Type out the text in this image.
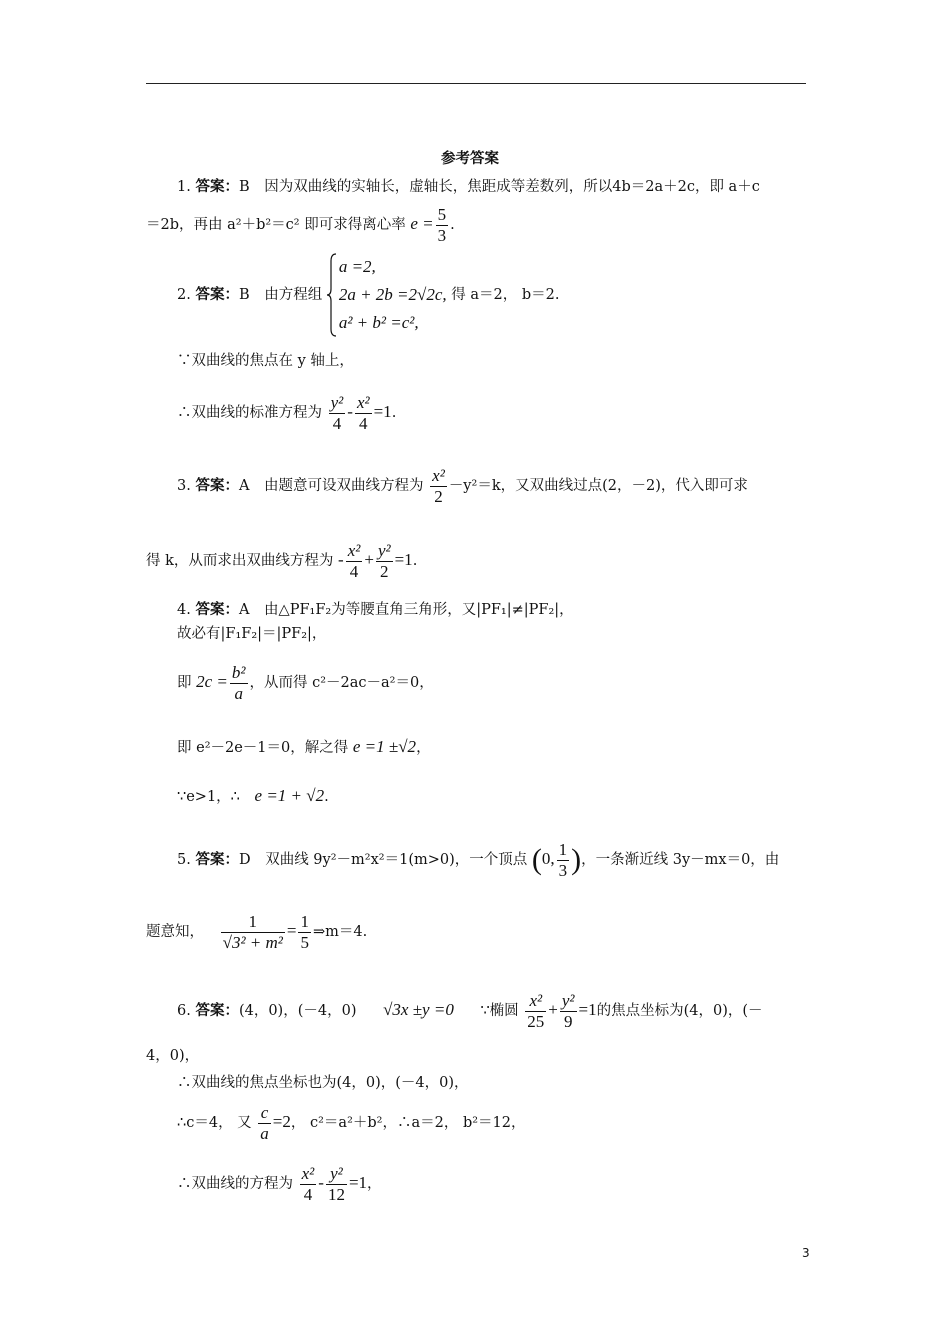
参考答案
1. 答案：B 因为双曲线的实轴长，虚轴长，焦距成等差数列，所以4b＝2a＋2c，即 a＋c
＝2b，再由 a²＋b²＝c² 即可求得离心率 $e = \frac{5}{3}$ .
2. 答案：B 由方程组
a =2,
2a + 2b =2√2c,
a² + b² =c²,
得 a＝2， b＝2.
∵双曲线的焦点在 y 轴上，
∴双曲线的标准方程为 $\frac{\text{y²}}{4} - \frac{\text{x²}}{4} =1$.
3. 答案：A 由题意可设双曲线方程为 $\frac{\text{x²}}{2} -y^2=k$，又双曲线过点(2，－2)，代入即可求
得 k，从而求出双曲线方程为 - $\frac{\text{x²}}{4} + \frac{\text{y²}}{2} =1$.
4. 答案：A 由△PF₁F₂为等腰直角三角形，又|PF₁|≠|PF₂|，
故必有|F₁F₂|＝|PF₂|，
即 $2c = \frac{\text{b²}}{a}$ ，从而得 c²－2ac－a²＝0，
即 e²－2e－1＝0，解之得 e =1 ±√2，
∵e>1，∴ e =1 + √2.
5. 答案：D 双曲线 9y²－m²x²＝1(m>0)，一个顶点 (0, $\frac{1}{3}$ )，一条渐近线 3y－mx＝0，由
题意知， $\frac{1}{\text{√3² + m²}} = \frac{1}{5}$ ⇒m＝4.
6. 答案：(4，0)，(－4，0) √3x ±y =0 ∵椭圆 $\frac{\text{x²}}{25} + \frac{\text{y²}}{9} =1$的焦点坐标为(4，0)，(－
4，0)，
∴双曲线的焦点坐标也为(4，0)，(－4，0)，
∴c＝4， 又 $\frac{c}{a} =2$， c²＝a²＋b²，∴a＝2， b²＝12，
∴双曲线的方程为 $\frac{\text{x²}}{4} - \frac{\text{y²}}{12} =1$，
3
